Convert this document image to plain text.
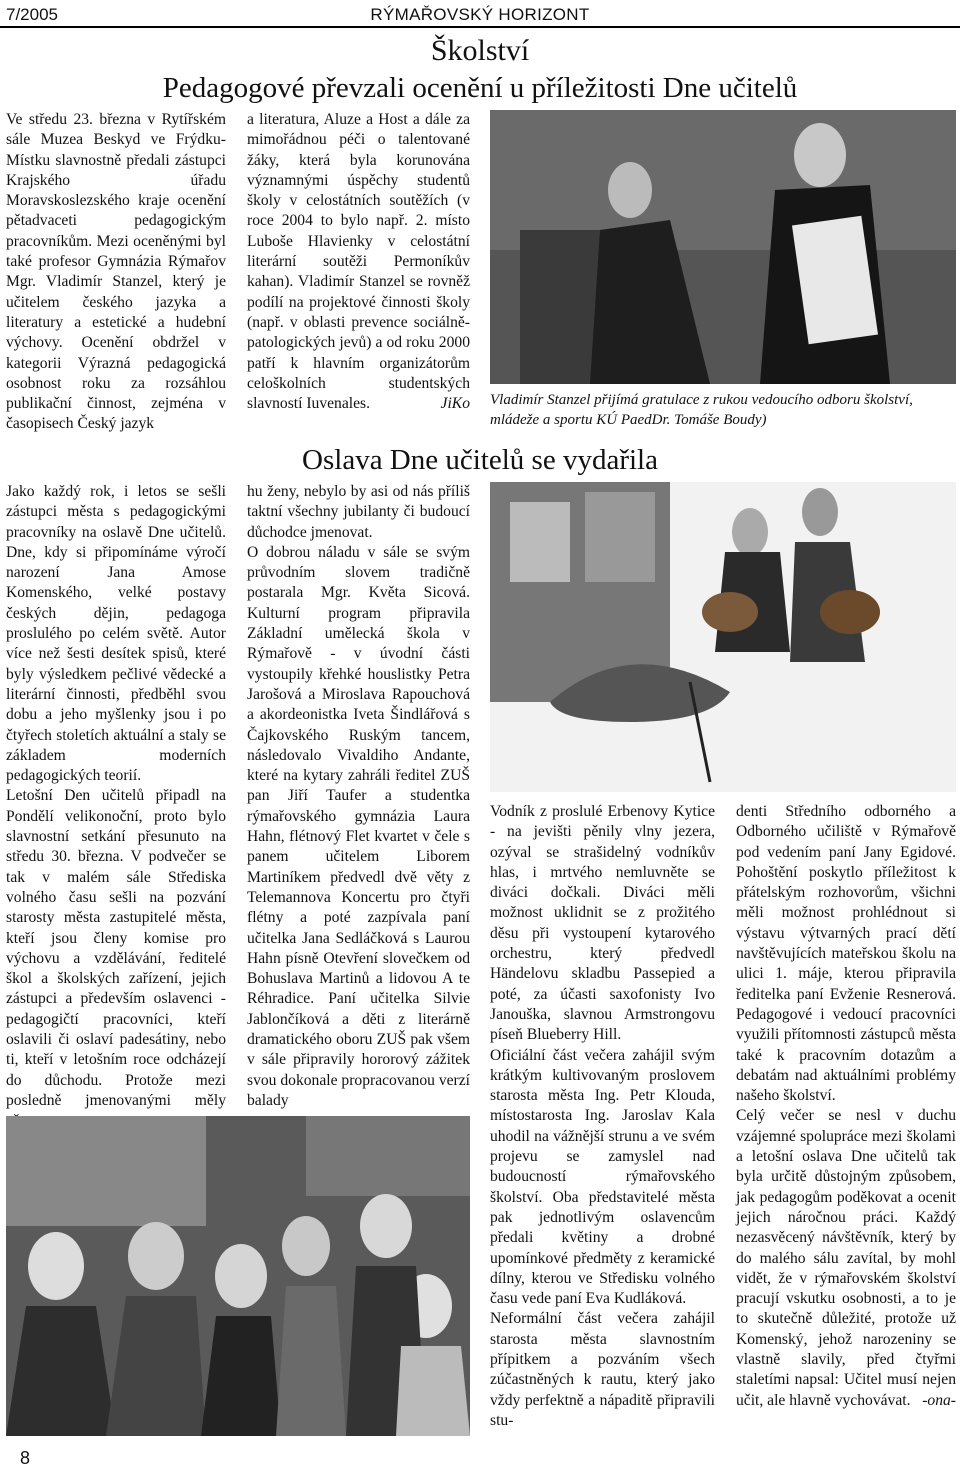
7/2005	RÝMAŘOVSKÝ HORIZONT
Školství
Pedagogové převzali ocenění u příležitosti Dne učitelů

Ve středu 23. března v Rytířském sále Muzea Beskyd ve Frýdku-Místku slavnostně předali zástupci Krajského úřadu Moravskoslezského kraje ocenění pětadvaceti pedagogickým pracovníkům. Mezi oceněnými byl také profesor Gymnázia Rýmařov Mgr. Vladimír Stanzel, který je učitelem českého jazyka a literatury a estetické a hudební výchovy. Ocenění obdržel v kategorii Výrazná pedagogická osobnost roku za rozsáhlou publikační činnost, zejména v časopisech Český jazyk

a literatura, Aluze a Host a dále za mimořádnou péči o talentované žáky, která byla korunována významnými úspěchy studentů školy v celostátních soutěžích (v roce 2004 to bylo např. 2. místo Luboše Hlavienky v celostátní literární soutěži Permoníkův kahan). Vladimír Stanzel se rovněž podílí na projektové činnosti školy (např. v oblasti prevence sociálně-patologických jevů) a od roku 2000 patří k hlavním organizátorům celoškolních studentských slavností Iuvenales.	JiKo Vladimír Stanzel přijímá gratulace z rukou vedoucího odboru školství, mládeže a sportu KÚ PaedDr. Tomáše Boudy)
Oslava Dne učitelů se vydařila

Jako každý rok, i letos se sešli zástupci města s pedagogickými pracovníky na oslavě Dne učitelů. Dne, kdy si připomínáme výročí narození Jana Amose Komenského, velké postavy českých dějin, pedagoga proslulého po celém světě. Autor více než šesti desítek spisů, které byly výsledkem pečlivé vědecké a literární činnosti, předběhl svou dobu a jeho myšlenky jsou i po čtyřech stoletích aktuální a staly se základem moderních pedagogických teorií.

Letošní Den učitelů připadl na Pondělí velikonoční, proto bylo slavnostní setkání přesunuto na středu 30. března. V podvečer se tak v malém sále Střediska volného času sešli na pozvání starosty města zastupitelé města, kteří jsou členy komise pro výchovu a vzdělávání, ředitelé škol a školských zařízení, jejich zástupci a především oslavenci - pedagogičtí pracovníci, kteří oslavili či oslaví padesátiny, nebo ti, kteří v letošním roce odcházejí do důchodu. Protože mezi posledně jmenovanými měly

hu ženy, nebylo by asi od nás příliš taktní všechny jubilanty či budoucí důchodce jmenovat.

O dobrou náladu v sále se svým průvodním slovem tradičně postarala Mgr. Květa Sicová. Kulturní program připravila Základní umělecká škola v Rýmařově - v úvodní části vystoupily křehké houslistky Petra Jarošová a Miroslava Rapouchová a akordeonistka Iveta Šindlářová s Čajkovského Ruským tancem, následovalo Vivaldiho Andante, které na kytary zahráli ředitel ZUŠ pan Jiří Taufer a studentka rýmařovského gymnázia Laura Hahn, flétnový Flet kvartet v čele s panem učitelem Liborem Martiníkem předvedl dvě věty z Telemannova Koncertu pro čtyři flétny a poté zazpívala paní učitelka Jana Sedláčková s Laurou Hahn písně Otevření slovečkem od Bohuslava Martinů a lidovou A te Réhradice. Paní učitelka Silvie Jablončíková a děti z literárně dramatického oboru ZUŠ pak všem v sále připravily hororový zážitek svou dokonale propracovanou verzí balady

Vodník z proslulé Erbenovy Kytice - na jevišti pěnily vlny jezera, ozýval se strašidelný vodníkův hlas, i mrtvého nemluvněte se diváci dočkali. Diváci měli možnost uklidnit se z prožitého děsu při vystoupení kytarového orchestru, který předvedl Händelovu skladbu Passepied a poté, za účasti saxofonisty Ivo Janouška, slavnou Armstrongovu píseň Blueberry Hill.

Oficiální část večera zahájil svým krátkým kultivovaným proslovem starosta města Ing. Petr Klouda, místostarosta Ing. Jaroslav Kala uhodil na vážnější strunu a ve svém projevu se zamyslel nad budoucností rýmařovského školství. Oba představitelé města pak jednotlivým oslavencům předali květiny a drobné upomínkové předměty z keramické dílny, kterou ve Středisku volného času vede paní Eva Kudláková.

Neformální část večera zahájil starosta města slavnostním přípitkem a pozváním všech zúčastněných k rautu, který jako vždy perfektně a nápaditě připravili stu-

denti Středního odborného a Odborného učiliště v Rýmařově pod vedením paní Jany Egidové. Pohoštění poskytlo příležitost k přátelským rozhovorům, všichni měli možnost prohlédnout si výstavu výtvarných prací dětí navštěvujících mateřskou školu na ulici 1. máje, kterou připravila ředitelka paní Evženie Resnerová. Pedagogové i vedoucí pracovníci využili přítomnosti zástupců města také k pracovním dotazům a debatám nad aktuálními problémy našeho školství.

Celý večer se nesl v duchu vzájemné spolupráce mezi školami a letošní oslava Dne učitelů tak byla určitě důstojným způsobem, jak pedagogům poděkovat a ocenit jejich náročnou práci. Každý nezasvěcený návštěvník, který by do malého sálu zavítal, by mohl vidět, že v rýmařovském školství pracují vskutku osobnosti, a to je to skutečně důležité, protože už Komenský, jehož narozeniny se vlastně slavily, před čtyřmi staletími napsal: Učitel musí nejen učit, ale hlavně vychovávat. -ona-

8
